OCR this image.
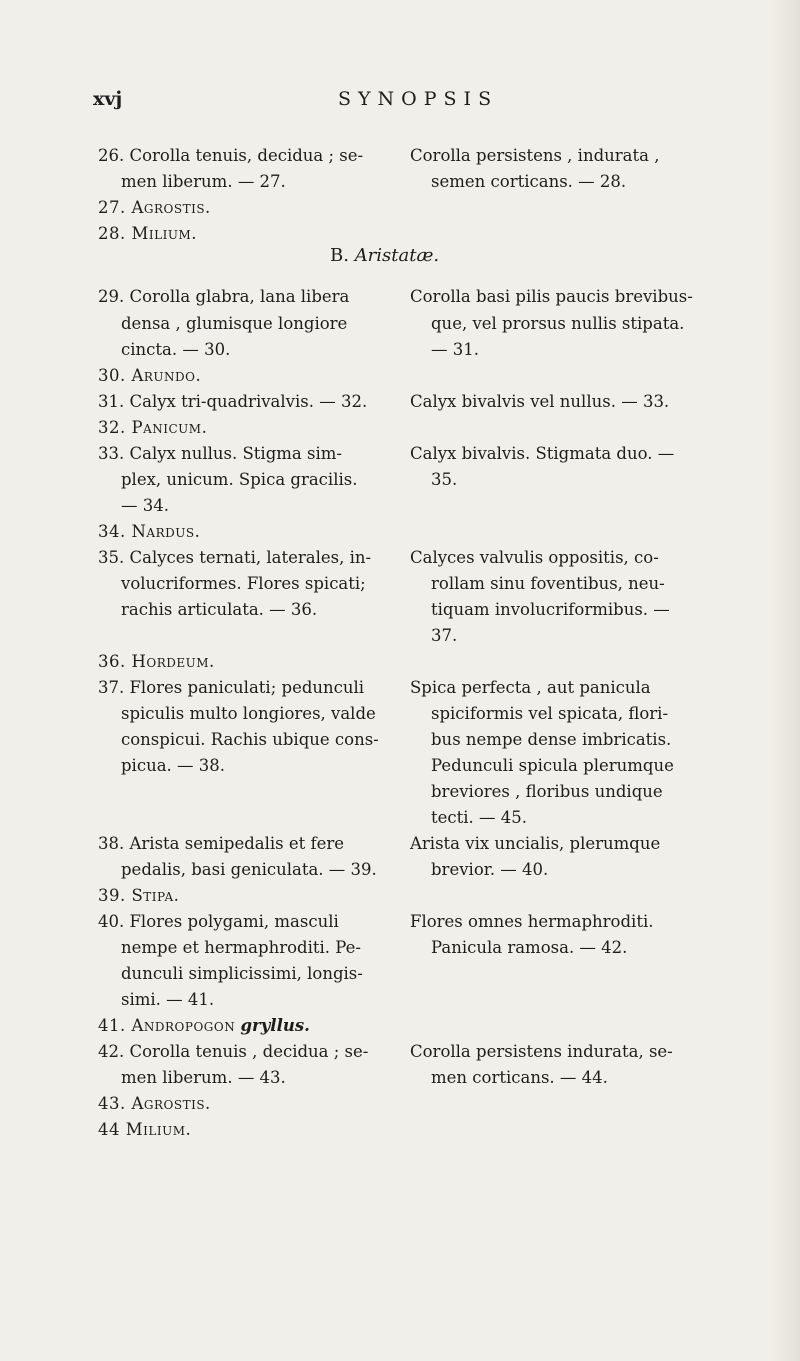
xvj	SYNOPSIS
26. Corolla tenuis, decidua ; se-
men liberum. — 27.
27. Agrostis.
28. Milium.
Corolla persistens , indurata ,
semen corticans. — 28.
B. Aristatæ.
29. Corolla glabra, lana libera
densa , glumisque longiore
cincta. — 30.
30. Arundo.
31. Calyx tri-quadrivalvis. — 32.
32. Panicum.
33. Calyx nullus. Stigma sim-
plex, unicum. Spica gracilis.
— 34.
34. Nardus.
35. Calyces ternati, laterales, in-
volucriformes. Flores spicati;
rachis articulata. — 36.
36. Hordeum.
37. Flores paniculati; pedunculi
spiculis multo longiores, valde
conspicui. Rachis ubique cons-
picua. — 38.
38. Arista semipedalis et fere
pedalis, basi geniculata. — 39.
39. Stipa.
40. Flores polygami, masculi
nempe et hermaphroditi. Pe-
dunculi simplicissimi, longis-
simi. — 41.
41. Andropogon gryllus.
42. Corolla tenuis , decidua ; se-
men liberum. — 43.
43. Agrostis.
44 Milium.
Corolla basi pilis paucis brevibus-
que, vel prorsus nullis stipata.
— 31.
Calyx bivalvis vel nullus. — 33.
Calyx bivalvis. Stigmata duo. —
35.
Calyces valvulis oppositis, co-
rollam sinu foventibus, neu-
tiquam involucriformibus. —
37.
Spica perfecta , aut panicula
spiciformis vel spicata, flori-
bus nempe dense imbricatis.
Pedunculi spicula plerumque
breviores , floribus undique
tecti. — 45.
Arista vix uncialis, plerumque
brevior. — 40.
Flores omnes hermaphroditi.
Panicula ramosa. — 42.
Corolla persistens indurata, se-
men corticans. — 44.
